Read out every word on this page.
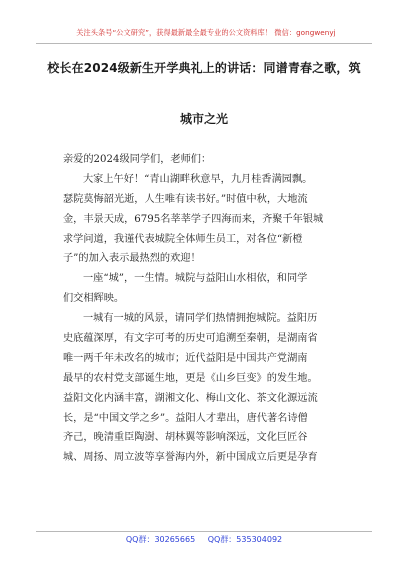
关注头条号“公文研究”，获得最新最全最专业的公文资料库！ 微信：gongwenyj
校长在2024级新生开学典礼上的讲话：同谱青春之歌，筑
城市之光
亲爱的2024级同学们，老师们：
大家上午好！“青山湖畔秋意早，九月桂香满园飘。
瑟院莫悔韶光逝，人生唯有读书好。”时值中秋，大地流
金，丰景天成，6795名莘莘学子四海而来，齐聚千年银城
求学问道，我谨代表城院全体师生员工，对各位“新橙
子”的加入表示最热烈的欢迎！
一座“城”，一生情。城院与益阳山水相依，和同学
们交相辉映。
一城有一城的风景，请同学们热情拥抱城院。益阳历
史底蕴深厚，有文字可考的历史可追溯至秦朝，是湖南省
唯一两千年未改名的城市；近代益阳是中国共产党湖南
最早的农村党支部诞生地，更是《山乡巨变》的发生地。
益阳文化内涵丰富，湖湘文化、梅山文化、茶文化源远流
长，是“中国文学之乡”。益阳人才辈出，唐代著名诗僧
齐己，晚清重臣陶澍、胡林翼等影响深远，文化巨匠谷
城、周扬、周立波等享誉海内外，新中国成立后更是孕育
QQ群：30265665 QQ群：535304092
